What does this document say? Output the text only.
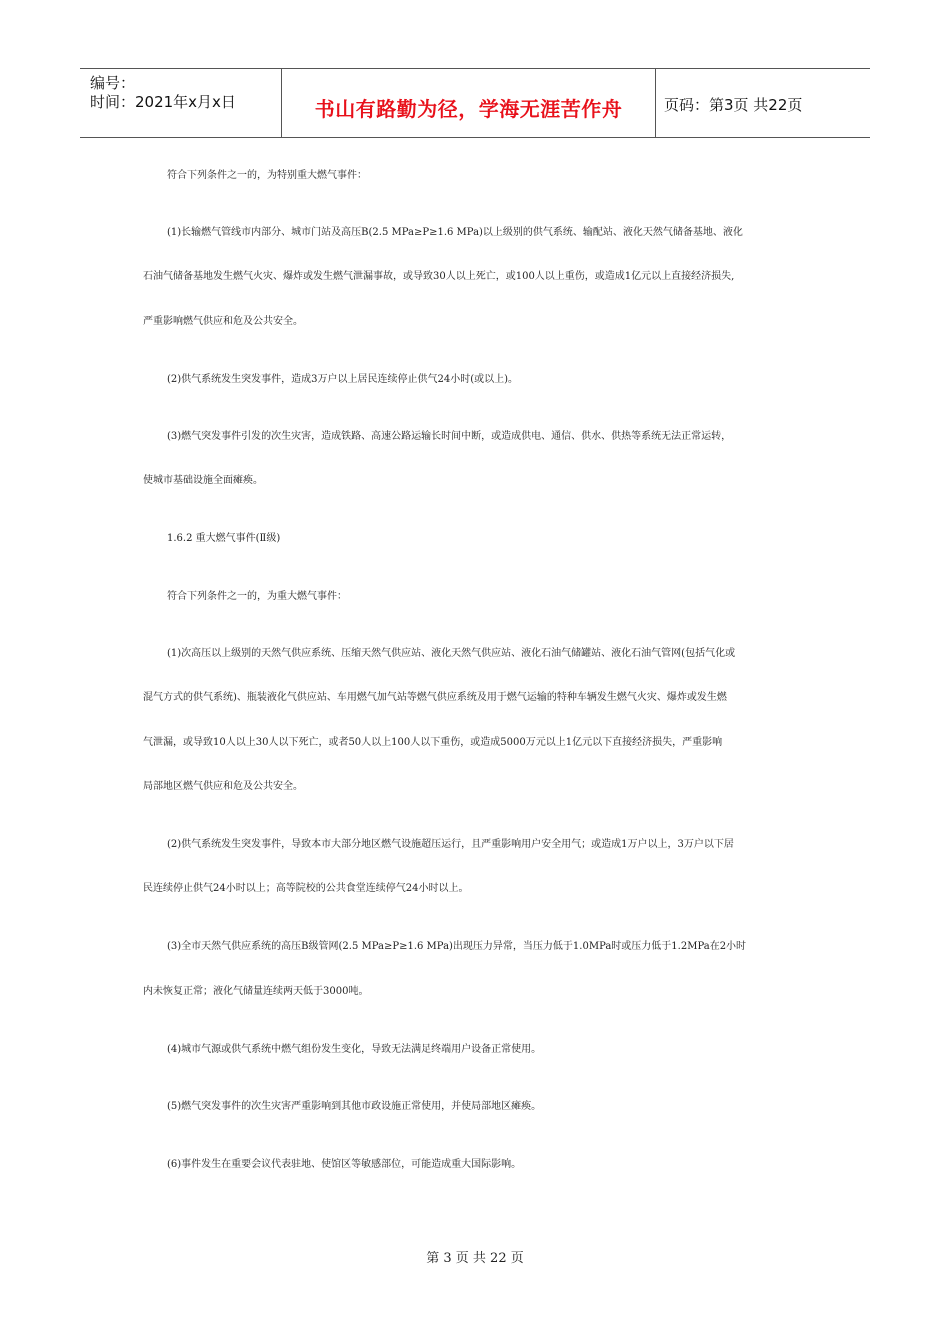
编号：
时间：2021年x月x日	书山有路勤为径，学海无涯苦作舟	页码：第3页 共22页
符合下列条件之一的，为特别重大燃气事件：
(1)长输燃气管线市内部分、城市门站及高压B(2.5 MPa≥P≥1.6 MPa)以上级别的供气系统、输配站、液化天然气储备基地、液化
石油气储备基地发生燃气火灾、爆炸或发生燃气泄漏事故，或导致30人以上死亡，或100人以上重伤，或造成1亿元以上直接经济损失,
严重影响燃气供应和危及公共安全。
(2)供气系统发生突发事件，造成3万户以上居民连续停止供气24小时(或以上)。
(3)燃气突发事件引发的次生灾害，造成铁路、高速公路运输长时间中断，或造成供电、通信、供水、供热等系统无法正常运转，
使城市基础设施全面瘫痪。
1.6.2 重大燃气事件(Ⅱ级)
符合下列条件之一的，为重大燃气事件：
(1)次高压以上级别的天然气供应系统、压缩天然气供应站、液化天然气供应站、液化石油气储罐站、液化石油气管网(包括气化或
混气方式的供气系统)、瓶装液化气供应站、车用燃气加气站等燃气供应系统及用于燃气运输的特种车辆发生燃气火灾、爆炸或发生燃
气泄漏，或导致10人以上30人以下死亡，或者50人以上100人以下重伤，或造成5000万元以上1亿元以下直接经济损失，严重影响
局部地区燃气供应和危及公共安全。
(2)供气系统发生突发事件，导致本市大部分地区燃气设施超压运行，且严重影响用户安全用气；或造成1万户以上，3万户以下居
民连续停止供气24小时以上；高等院校的公共食堂连续停气24小时以上。
(3)全市天然气供应系统的高压B级管网(2.5 MPa≥P≥1.6 MPa)出现压力异常，当压力低于1.0MPa时或压力低于1.2MPa在2小时
内未恢复正常；液化气储量连续两天低于3000吨。
(4)城市气源或供气系统中燃气组份发生变化，导致无法满足终端用户设备正常使用。
(5)燃气突发事件的次生灾害严重影响到其他市政设施正常使用，并使局部地区瘫痪。
(6)事件发生在重要会议代表驻地、使馆区等敏感部位，可能造成重大国际影响。
第 3 页 共 22 页
